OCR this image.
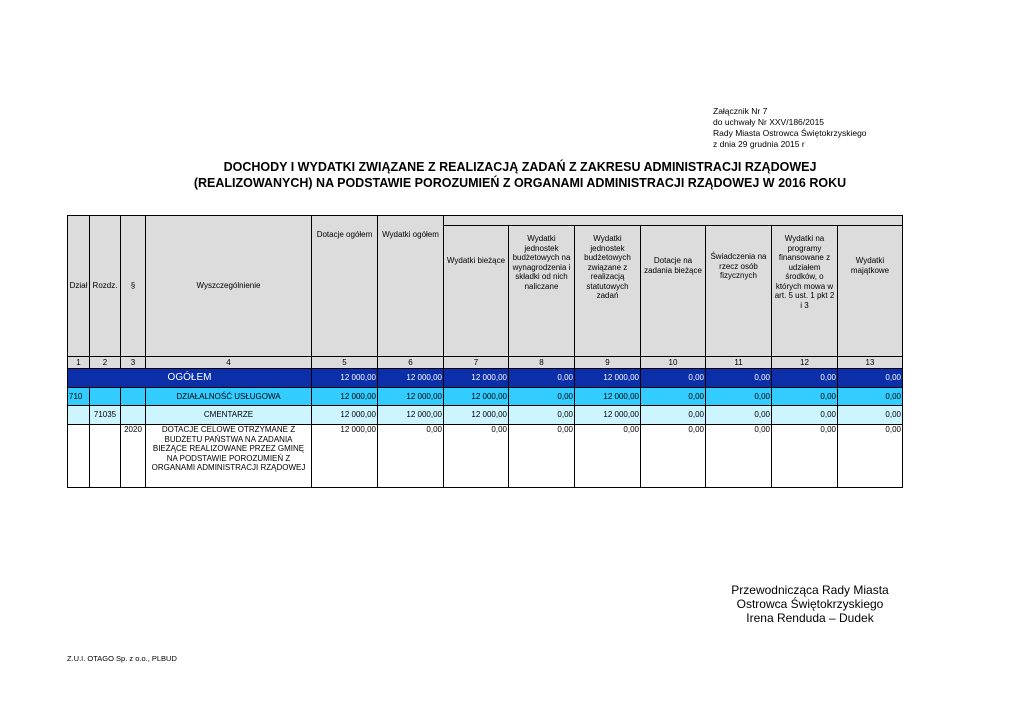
Załącznik Nr 7
do uchwały Nr XXV/186/2015
Rady Miasta Ostrowca Świętokrzyskiego
z dnia 29 grudnia 2015 r
DOCHODY I WYDATKI ZWIĄZANE Z REALIZACJĄ ZADAŃ Z ZAKRESU ADMINISTRACJI RZĄDOWEJ
(REALIZOWANYCH) NA PODSTAWIE POROZUMIEŃ Z ORGANAMI ADMINISTRACJI RZĄDOWEJ W 2016 ROKU
Dział	Rozdz.	§	Wyszczególnienie	Dotacje ogółem	Wydatki ogółem							
						Wydatki bieżące	Wydatki jednostek budżetowych na wynagrodzenia i składki od nich naliczane	Wydatki jednostek budżetowych związane z realizacją statutowych zadań	Dotacje na zadania bieżące	Świadczenia na rzecz osób fizycznych	Wydatki na programy finansowane z udziałem środków, o których mowa w art. 5 ust. 1 pkt 2 i 3	Wydatki majątkowe
1	2	3	4	5	6	7	8	9	10	11	12	13
OGÓŁEM				12 000,00	12 000,00	12 000,00	0,00	12 000,00	0,00	0,00	0,00	0,00
710			DZIAŁALNOŚĆ USŁUGOWA	12 000,00	12 000,00	12 000,00	0,00	12 000,00	0,00	0,00	0,00	0,00
	71035		CMENTARZE	12 000,00	12 000,00	12 000,00	0,00	12 000,00	0,00	0,00	0,00	0,00
		2020	DOTACJE CELOWE OTRZYMANE Z BUDŻETU PAŃSTWA NA ZADANIA BIEŻĄCE REALIZOWANE PRZEZ GMINĘ NA PODSTAWIE POROZUMIEŃ Z ORGANAMI ADMINISTRACJI RZĄDOWEJ	12 000,00	0,00	0,00	0,00	0,00	0,00	0,00	0,00	0,00
Przewodnicząca Rady Miasta
Ostrowca Świętokrzyskiego
Irena Renduda – Dudek
Z.U.I. OTAGO Sp. z o.o., PLBUD
